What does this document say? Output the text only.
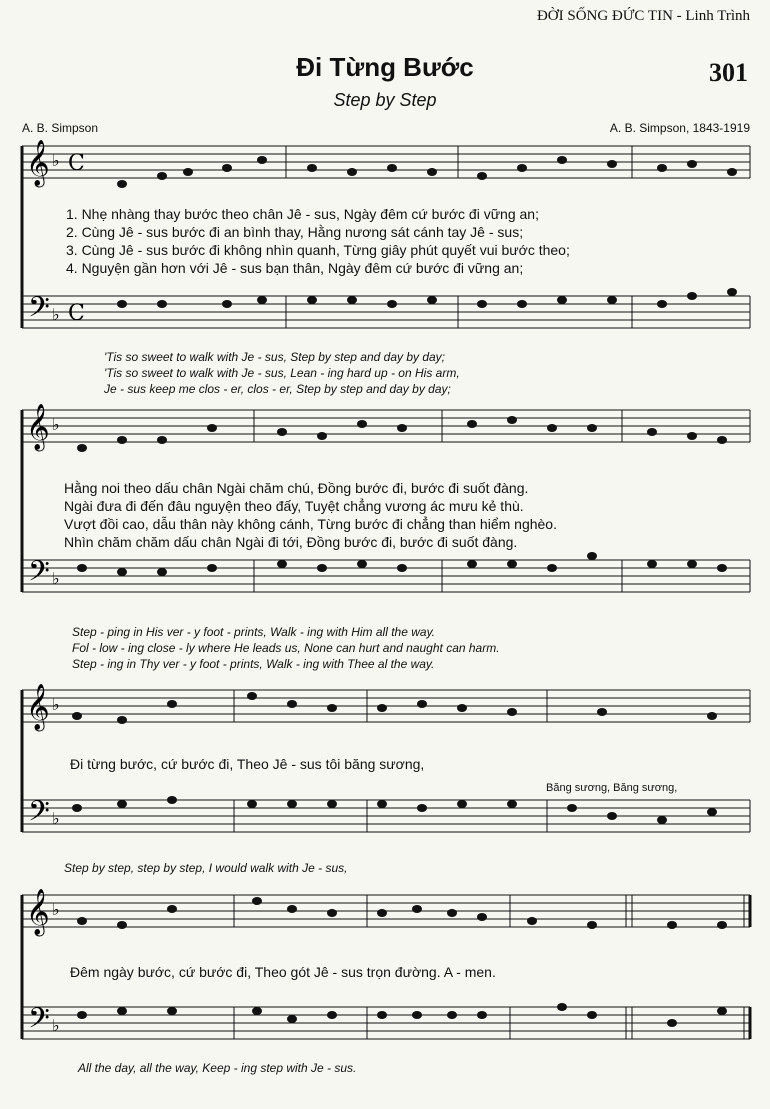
ĐỜI SỐNG ĐỨC TIN - Linh Trình
301
Đi Từng Bước
Step by Step
A. B. Simpson	A. B. Simpson, 1843-1919
𝄞
𝄢
♭
♭
C
C
𝄞
𝄢
♭
♭
𝄞
𝄢
♭
♭
𝄞
𝄢
♭
♭
1. Nhẹ nhàng thay bước theo chân Jê - sus, Ngày đêm cứ bước đi vững an;
2. Cùng Jê - sus bước đi an bình thay, Hằng nương sát cánh tay Jê - sus;
3. Cùng Jê - sus bước đi không nhìn quanh, Từng giây phút quyết vui bước theo;
4. Nguyện gần hơn với Jê - sus bạn thân, Ngày đêm cứ bước đi vững an;
'Tis so sweet to walk with Je - sus, Step by step and day by day;
'Tis so sweet to walk with Je - sus, Lean - ing hard up - on His arm,
Je - sus keep me clos - er, clos - er, Step by step and day by day;
Hằng noi theo dấu chân Ngài chăm chú, Đồng bước đi, bước đi suốt đàng.
Ngài đưa đi đến đâu nguyện theo đấy, Tuyệt chẳng vương ác mưu kẻ thù.
Vượt đồi cao, dẫu thân này không cánh, Từng bước đi chẳng than hiểm nghèo.
Nhìn chăm chăm dấu chân Ngài đi tới, Đồng bước đi, bước đi suốt đàng.
Step - ping in His ver - y foot - prints, Walk - ing with Him all the way.
Fol - low - ing close - ly where He leads us, None can hurt and naught can harm.
Step - ing in Thy ver - y foot - prints, Walk - ing with Thee al the way.
Đi từng bước, cứ bước đi, Theo Jê - sus tôi băng sương,
Băng sương, Băng sương,
Step by step, step by step, I would walk with Je - sus,
Đêm ngày bước, cứ bước đi, Theo gót Jê - sus trọn đường. A - men.
All the day, all the way, Keep - ing step with Je - sus.
